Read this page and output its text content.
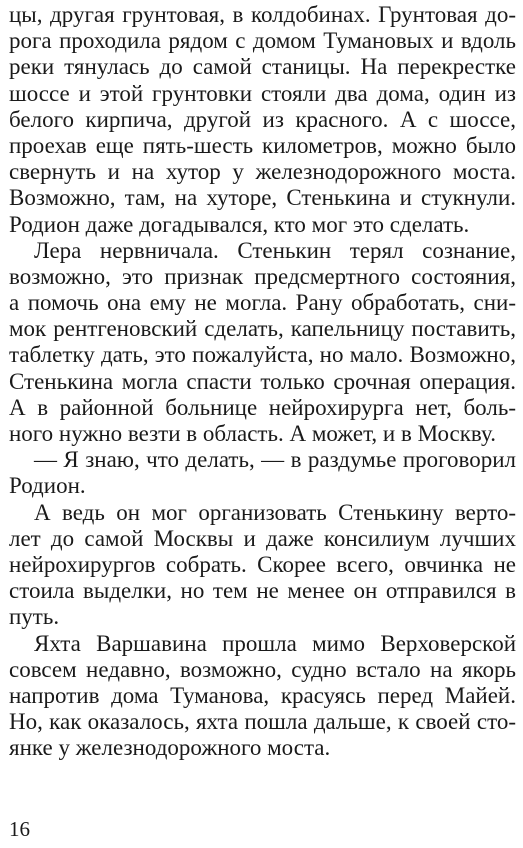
цы, другая грунтовая, в колдобинах. Грунтовая до-
рога проходила рядом с домом Тумановых и вдоль
реки тянулась до самой станицы. На перекрестке
шоссе и этой грунтовки стояли два дома, один из
белого кирпича, другой из красного. А с шоссе,
проехав еще пять-шесть километров, можно было
свернуть и на хутор у железнодорожного моста.
Возможно, там, на хуторе, Стенькина и стукнули.
Родион даже догадывался, кто мог это сделать.
Лера нервничала. Стенькин терял сознание,
возможно, это признак предсмертного состояния,
а помочь она ему не могла. Рану обработать, сни-
мок рентгеновский сделать, капельницу поставить,
таблетку дать, это пожалуйста, но мало. Возможно,
Стенькина могла спасти только срочная операция.
А в районной больнице нейрохирурга нет, боль-
ного нужно везти в область. А может, и в Москву.
— Я знаю, что делать, — в раздумье проговорил
Родион.
А ведь он мог организовать Стенькину верто-
лет до самой Москвы и даже консилиум лучших
нейрохирургов собрать. Скорее всего, овчинка не
стоила выделки, но тем не менее он отправился в
путь.
Яхта Варшавина прошла мимо Верховерской
совсем недавно, возможно, судно встало на якорь
напротив дома Туманова, красуясь перед Майей.
Но, как оказалось, яхта пошла дальше, к своей сто-
янке у железнодорожного моста.
16
